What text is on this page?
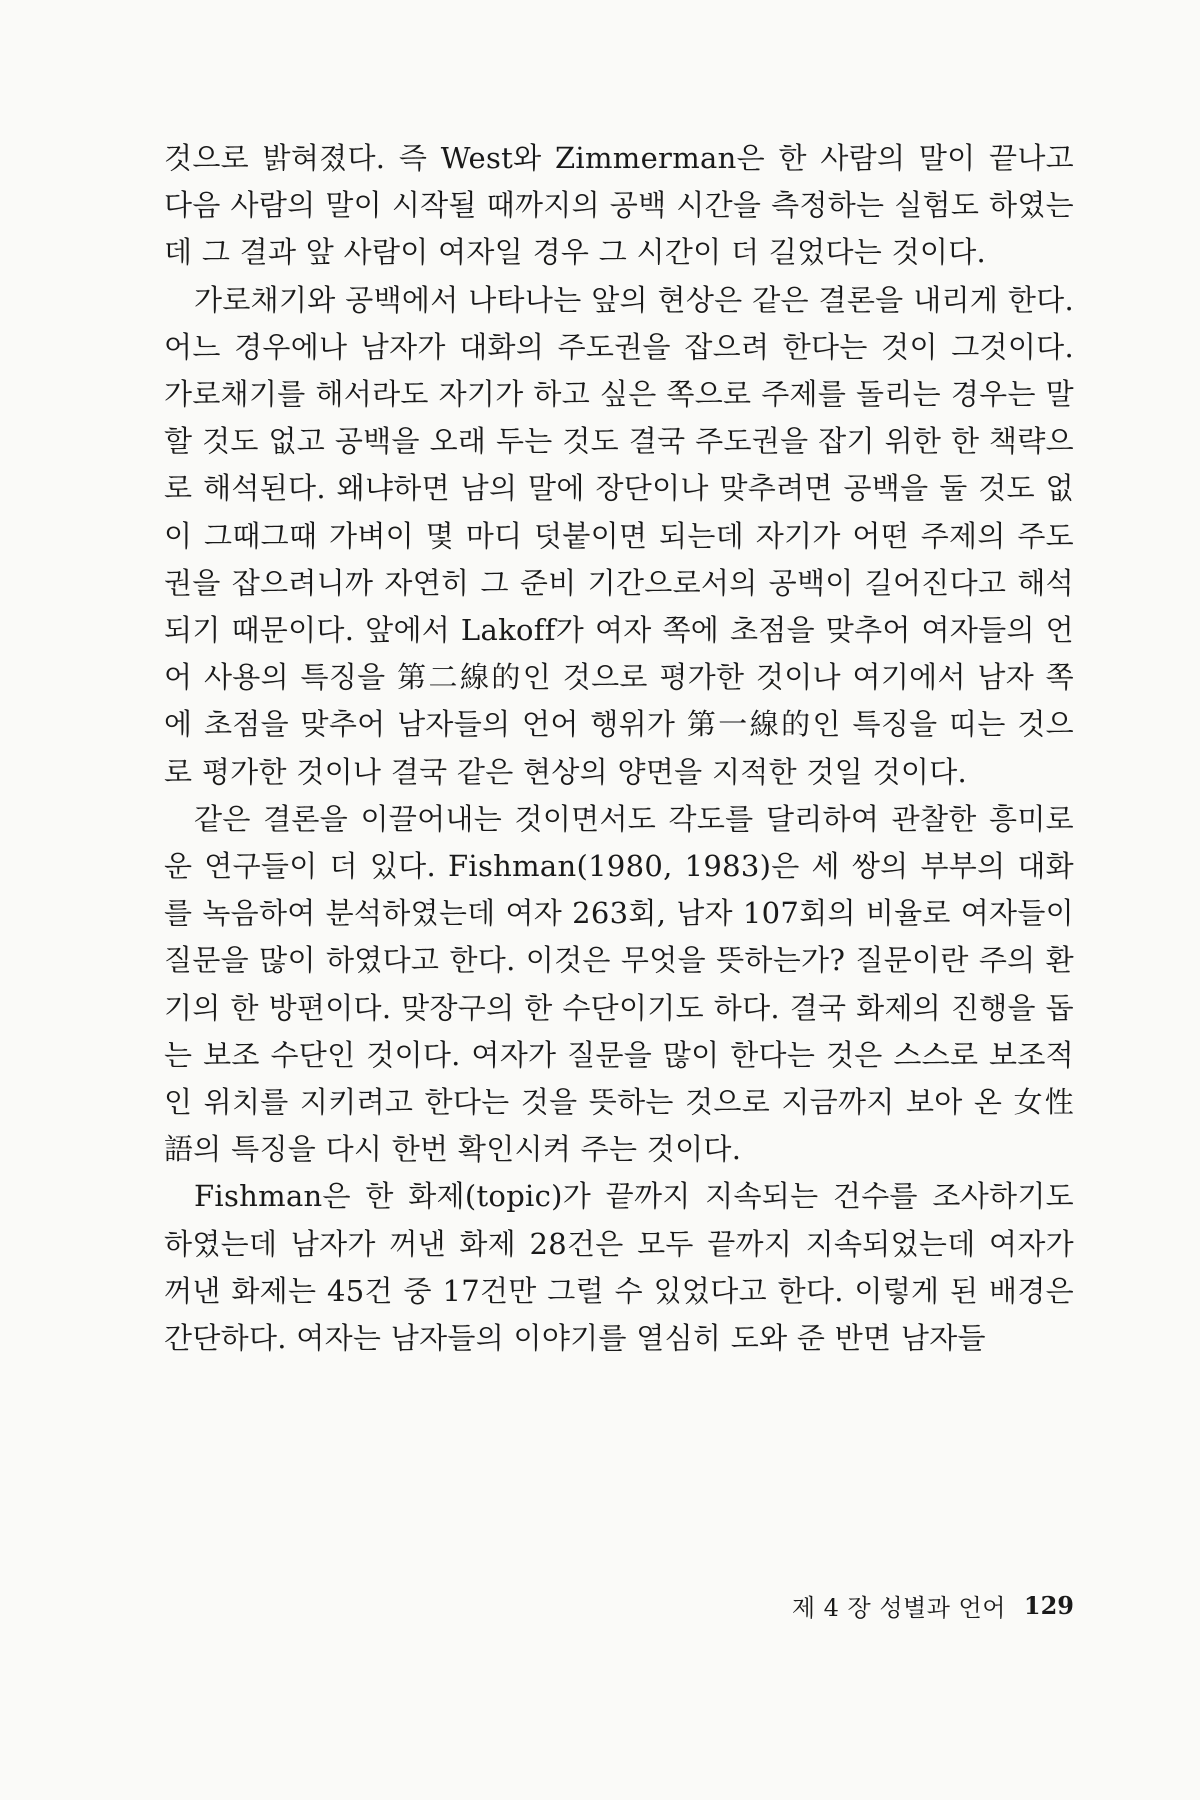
것으로 밝혀졌다. 즉 West와 Zimmerman은 한 사람의 말이 끝나고 다음 사람의 말이 시작될 때까지의 공백 시간을 측정하는 실험도 하였는데 그 결과 앞 사람이 여자일 경우 그 시간이 더 길었다는 것이다.

가로채기와 공백에서 나타나는 앞의 현상은 같은 결론을 내리게 한다. 어느 경우에나 남자가 대화의 주도권을 잡으려 한다는 것이 그것이다. 가로채기를 해서라도 자기가 하고 싶은 쪽으로 주제를 돌리는 경우는 말할 것도 없고 공백을 오래 두는 것도 결국 주도권을 잡기 위한 한 책략으로 해석된다. 왜냐하면 남의 말에 장단이나 맞추려면 공백을 둘 것도 없이 그때그때 가벼이 몇 마디 덧붙이면 되는데 자기가 어떤 주제의 주도권을 잡으려니까 자연히 그 준비 기간으로서의 공백이 길어진다고 해석되기 때문이다. 앞에서 Lakoff가 여자 쪽에 초점을 맞추어 여자들의 언어 사용의 특징을 第二線的인 것으로 평가한 것이나 여기에서 남자 쪽에 초점을 맞추어 남자들의 언어 행위가 第一線的인 특징을 띠는 것으로 평가한 것이나 결국 같은 현상의 양면을 지적한 것일 것이다.

같은 결론을 이끌어내는 것이면서도 각도를 달리하여 관찰한 흥미로운 연구들이 더 있다. Fishman(1980, 1983)은 세 쌍의 부부의 대화를 녹음하여 분석하였는데 여자 263회, 남자 107회의 비율로 여자들이 질문을 많이 하였다고 한다. 이것은 무엇을 뜻하는가? 질문이란 주의 환기의 한 방편이다. 맞장구의 한 수단이기도 하다. 결국 화제의 진행을 돕는 보조 수단인 것이다. 여자가 질문을 많이 한다는 것은 스스로 보조적인 위치를 지키려고 한다는 것을 뜻하는 것으로 지금까지 보아 온 女性語의 특징을 다시 한번 확인시켜 주는 것이다.

Fishman은 한 화제(topic)가 끝까지 지속되는 건수를 조사하기도 하였는데 남자가 꺼낸 화제 28건은 모두 끝까지 지속되었는데 여자가 꺼낸 화제는 45건 중 17건만 그럴 수 있었다고 한다. 이렇게 된 배경은 간단하다. 여자는 남자들의 이야기를 열심히 도와 준 반면 남자들

제 4 장 성별과 언어 129
